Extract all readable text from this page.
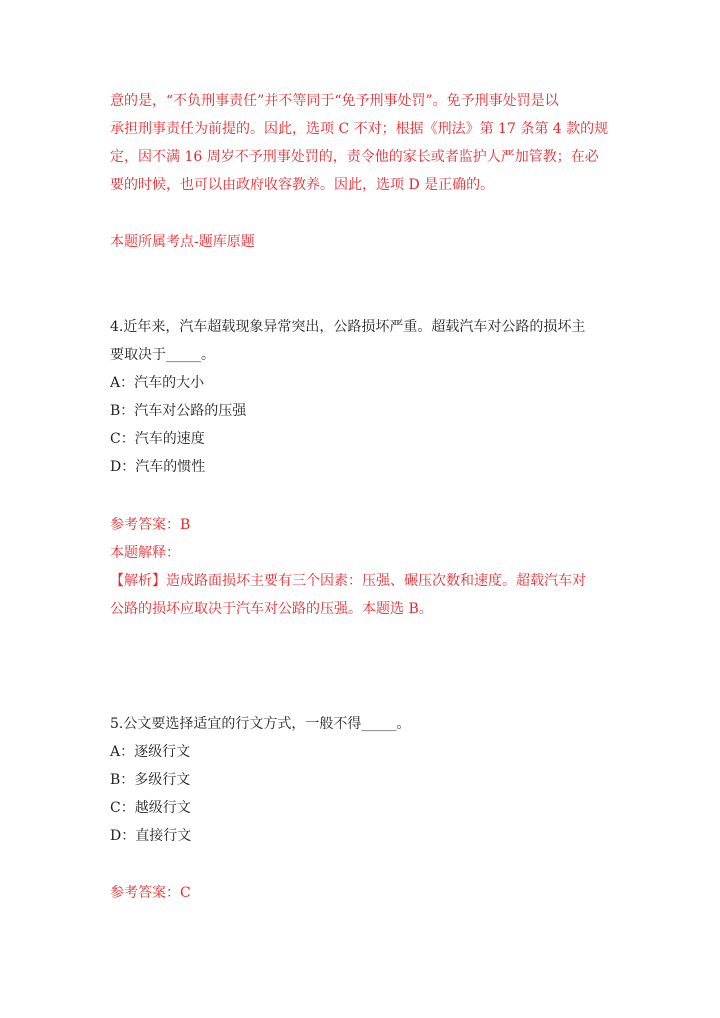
意的是，“不负刑事责任”并不等同于“免予刑事处罚”。免予刑事处罚是以
承担刑事责任为前提的。因此，选项 C 不对；根据《刑法》第 17 条第 4 款的规
定，因不满 16 周岁不予刑事处罚的，责令他的家长或者监护人严加管教；在必
要的时候，也可以由政府收容教养。因此，选项 D 是正确的。
本题所属考点-题库原题
4.近年来，汽车超载现象异常突出，公路损坏严重。超载汽车对公路的损坏主
要取决于_____。
A：汽车的大小
B：汽车对公路的压强
C：汽车的速度
D：汽车的惯性
参考答案：B
本题解释：
【解析】造成路面损坏主要有三个因素：压强、碾压次数和速度。超载汽车对
公路的损坏应取决于汽车对公路的压强。本题选 B。
5.公文要选择适宜的行文方式，一般不得_____。
A：逐级行文
B：多级行文
C：越级行文
D：直接行文
参考答案：C
